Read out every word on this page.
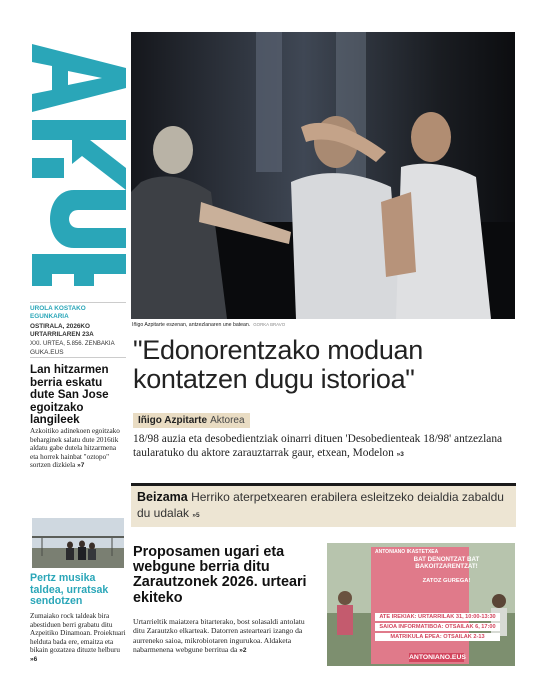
UROLA KOSTAKO EGUNKARIA
OSTIRALA, 2026KO URTARRILAREN 23A
XXI. URTEA, 5.856. ZENBAKIA
GUKA.EUS
Iñigo Azpitarte eszenan, antzezlanaren une batean. GORKA BRAVO
"Edonorentzako moduan kontatzen dugu istorioa"
Iñigo Azpitarte Aktorea
18/98 auzia eta desobedientziak oinarri dituen 'Desobedienteak 18/98' antzezlana taularatuko du aktore zarauztarrak gaur, etxean, Modelon »3
Beizama Herriko aterpetxearen erabilera esleitzeko deialdia zabaldu du udalak »5
Lan hitzarmen berria eskatu dute San Jose egoitzako langileek
Azkoitiko adinekoen egoitzako beharginek salatu dute 2016tik aldatu gabe dutela hitzarmena eta horrek hainbat "oztopo" sortzen dizkiela »7
Pertz musika taldea, urratsak sendotzen
Zumaiako rock taldeak bira abestiduen berri grabatu ditu Azpeitiko Dinamoan. Proiektuari helduta bada ere, emaitza eta bikain gozatzea dituzte helburu »6
Proposamen ugari eta webgune berria ditu Zarautzonek 2026. urteari ekiteko
Urtarrieltik maiatzera bitarterako, bost solasaldi antolatu ditu Zarautzko elkarteak. Datorren astearteari izango da aurreneko saioa, mikrobiotaren ingurukoa. Aldaketa nabarmenena webgune berritua da »2
ANTONIANO IKASTETXEA
BAT DENONTZAT BAT BAKOITZARENTZAT!
ZATOZ GUREGA!
ATE IREKIAK: URTARRILAK 31, 10:00-13:30
SAIOA INFORMATIBOA: OTSAILAK 6, 17:00
MATRIKULA EPEA: OTSAILAK 2-13
ANTONIANO.EUS
